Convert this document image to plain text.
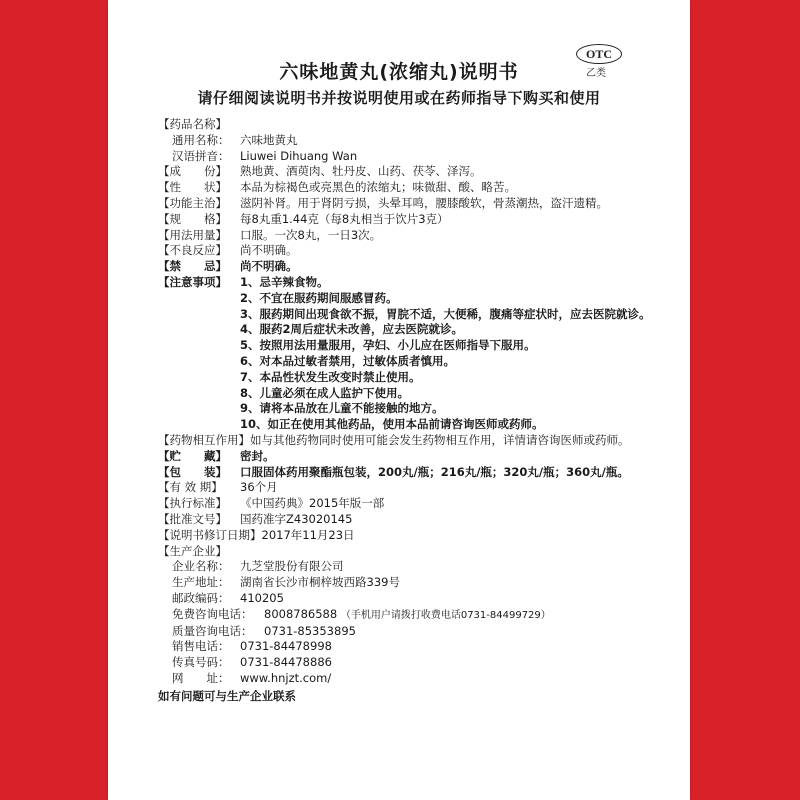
OTC
乙类
六味地黄丸(浓缩丸)说明书
请仔细阅读说明书并按说明使用或在药师指导下购买和使用
【药品名称】
通用名称： 六味地黄丸
汉语拼音： Liuwei Dihuang Wan
【成　　份】	熟地黄、酒萸肉、牡丹皮、山药、茯苓、泽泻。
【性　　状】	本品为棕褐色或亮黑色的浓缩丸；味微甜、酸、略苦。
【功能主治】	滋阴补肾。用于肾阴亏损，头晕耳鸣，腰膝酸软，骨蒸潮热，盗汗遗精。
【规　　格】	每8丸重1.44克（每8丸相当于饮片3克）
【用法用量】	口服。一次8丸，一日3次。
【不良反应】	尚不明确。
【禁　　忌】	尚不明确。
【注意事项】	1、忌辛辣食物。
2、不宜在服药期间服感冒药。
3、服药期间出现食欲不振，胃脘不适，大便稀，腹痛等症状时，应去医院就诊。
4、服药2周后症状未改善，应去医院就诊。
5、按照用法用量服用，孕妇、小儿应在医师指导下服用。
6、对本品过敏者禁用，过敏体质者慎用。
7、本品性状发生改变时禁止使用。
8、儿童必须在成人监护下使用。
9、请将本品放在儿童不能接触的地方。
10、如正在使用其他药品，使用本品前请咨询医师或药师。
【药物相互作用】如与其他药物同时使用可能会发生药物相互作用，详情请咨询医师或药师。
【贮　　藏】	密封。
【包　　装】	口服固体药用聚酯瓶包装，200丸/瓶；216丸/瓶；320丸/瓶；360丸/瓶。
【有 效 期】	36个月
【执行标准】	《中国药典》2015年版一部
【批准文号】	国药准字Z43020145
【说明书修订日期】 2017年11月23日
【生产企业】
企业名称： 九芝堂股份有限公司
生产地址： 湖南省长沙市桐梓坡西路339号
邮政编码： 410205
免费咨询电话：	8008786588 （手机用户请拨打收费电话0731-84499729）
质量咨询电话：	0731-85353895
销售电话： 0731-84478998
传真号码： 0731-84478886
网　　址： www.hnjzt.com/
如有问题可与生产企业联系
